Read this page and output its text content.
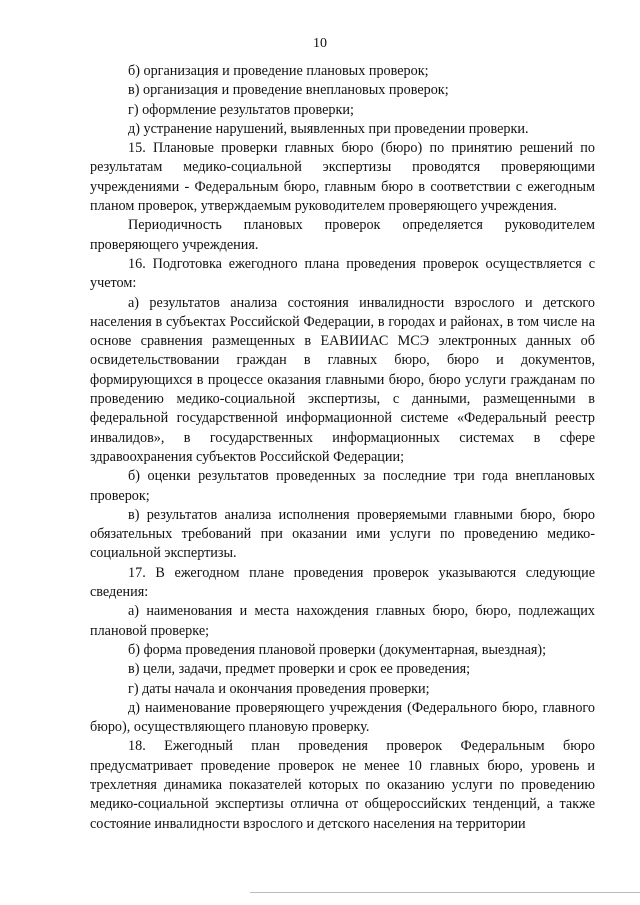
10

б) организация и проведение плановых проверок;

в) организация и проведение внеплановых проверок;

г) оформление результатов проверки;

д) устранение нарушений, выявленных при проведении проверки.

15. Плановые проверки главных бюро (бюро) по принятию решений по результатам медико-социальной экспертизы проводятся проверяющими учреждениями - Федеральным бюро, главным бюро в соответствии с ежегодным планом проверок, утверждаемым руководителем проверяющего учреждения.

Периодичность плановых проверок определяется руководителем проверяющего учреждения.

16. Подготовка ежегодного плана проведения проверок осуществляется с учетом:

а) результатов анализа состояния инвалидности взрослого и детского населения в субъектах Российской Федерации, в городах и районах, в том числе на основе сравнения размещенных в ЕАВИИАС МСЭ электронных данных об освидетельствовании граждан в главных бюро, бюро и документов, формирующихся в процессе оказания главными бюро, бюро услуги гражданам по проведению медико-социальной экспертизы, с данными, размещенными в федеральной государственной информационной системе «Федеральный реестр инвалидов», в государственных информационных системах в сфере здравоохранения субъектов Российской Федерации;

б) оценки результатов проведенных за последние три года внеплановых проверок;

в) результатов анализа исполнения проверяемыми главными бюро, бюро обязательных требований при оказании ими услуги по проведению медико-социальной экспертизы.

17. В ежегодном плане проведения проверок указываются следующие сведения:

а) наименования и места нахождения главных бюро, бюро, подлежащих плановой проверке;

б) форма проведения плановой проверки (документарная, выездная);

в) цели, задачи, предмет проверки и срок ее проведения;

г) даты начала и окончания проведения проверки;

д) наименование проверяющего учреждения (Федерального бюро, главного бюро), осуществляющего плановую проверку.

18. Ежегодный план проведения проверок Федеральным бюро предусматривает проведение проверок не менее 10 главных бюро, уровень и трехлетняя динамика показателей которых по оказанию услуги по проведению медико-социальной экспертизы отлична от общероссийских тенденций, а также состояние инвалидности взрослого и детского населения на территории
